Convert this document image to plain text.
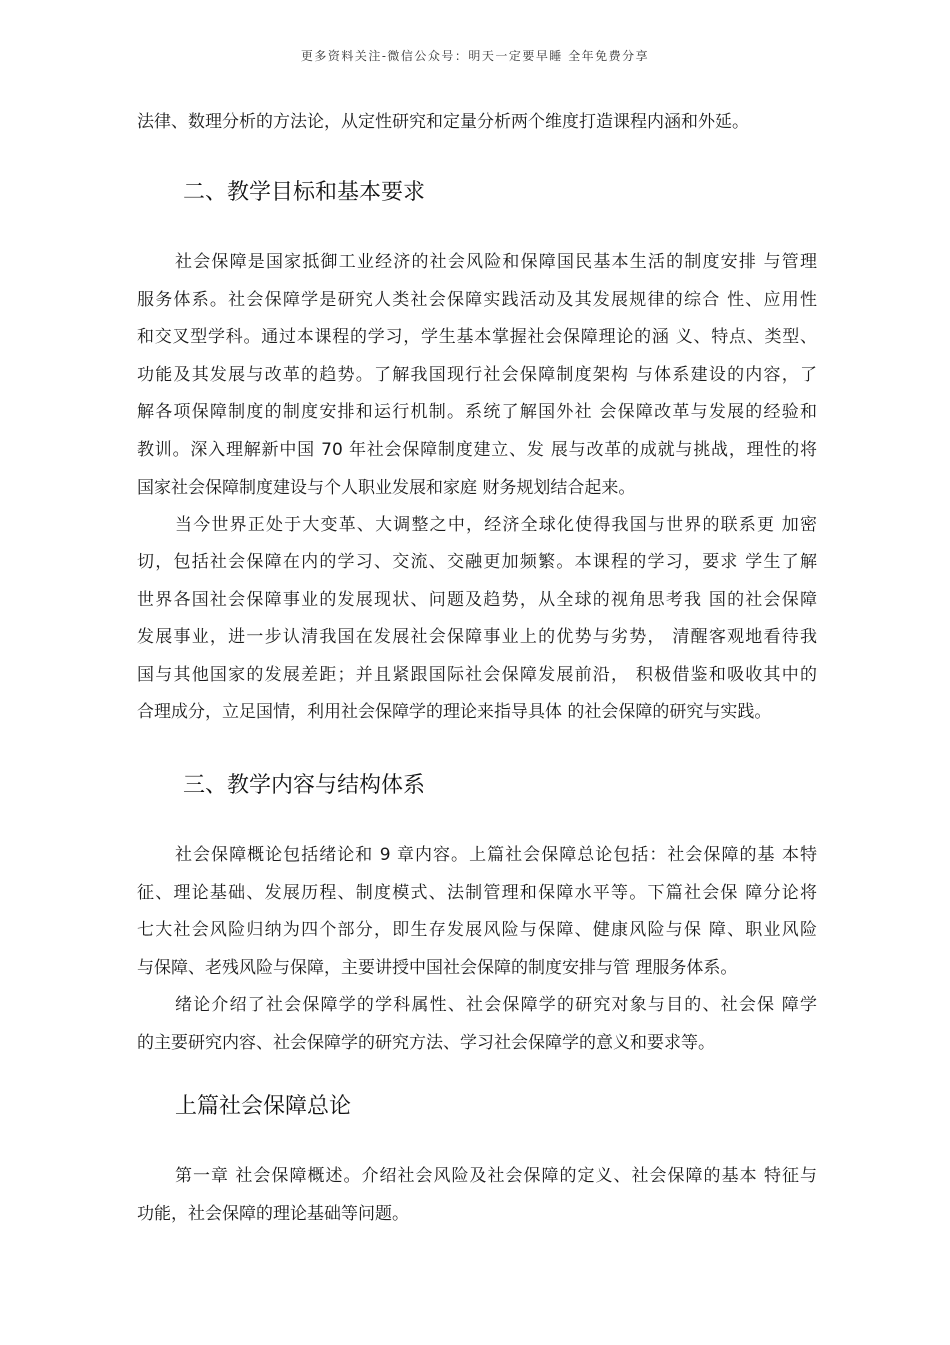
更多资料关注-微信公众号：明天一定要早睡 全年免费分享
法律、数理分析的方法论，从定性研究和定量分析两个维度打造课程内涵和外延。
二、教学目标和基本要求
社会保障是国家抵御工业经济的社会风险和保障国民基本生活的制度安排 与管理
服务体系。社会保障学是研究人类社会保障实践活动及其发展规律的综合 性、应用性
和交叉型学科。通过本课程的学习，学生基本掌握社会保障理论的涵 义、特点、类型、
功能及其发展与改革的趋势。了解我国现行社会保障制度架构 与体系建设的内容，了
解各项保障制度的制度安排和运行机制。系统了解国外社 会保障改革与发展的经验和
教训。深入理解新中国 70 年社会保障制度建立、发 展与改革的成就与挑战，理性的将
国家社会保障制度建设与个人职业发展和家庭 财务规划结合起来。
当今世界正处于大变革、大调整之中，经济全球化使得我国与世界的联系更 加密
切，包括社会保障在内的学习、交流、交融更加频繁。本课程的学习，要求 学生了解
世界各国社会保障事业的发展现状、问题及趋势，从全球的视角思考我 国的社会保障
发展事业，进一步认清我国在发展社会保障事业上的优势与劣势， 清醒客观地看待我
国与其他国家的发展差距；并且紧跟国际社会保障发展前沿， 积极借鉴和吸收其中的
合理成分，立足国情，利用社会保障学的理论来指导具体 的社会保障的研究与实践。
三、教学内容与结构体系
社会保障概论包括绪论和 9 章内容。上篇社会保障总论包括：社会保障的基 本特
征、理论基础、发展历程、制度模式、法制管理和保障水平等。下篇社会保 障分论将
七大社会风险归纳为四个部分，即生存发展风险与保障、健康风险与保 障、职业风险
与保障、老残风险与保障，主要讲授中国社会保障的制度安排与管 理服务体系。
绪论介绍了社会保障学的学科属性、社会保障学的研究对象与目的、社会保 障学
的主要研究内容、社会保障学的研究方法、学习社会保障学的意义和要求等。
上篇社会保障总论
第一章 社会保障概述。介绍社会风险及社会保障的定义、社会保障的基本 特征与
功能，社会保障的理论基础等问题。
